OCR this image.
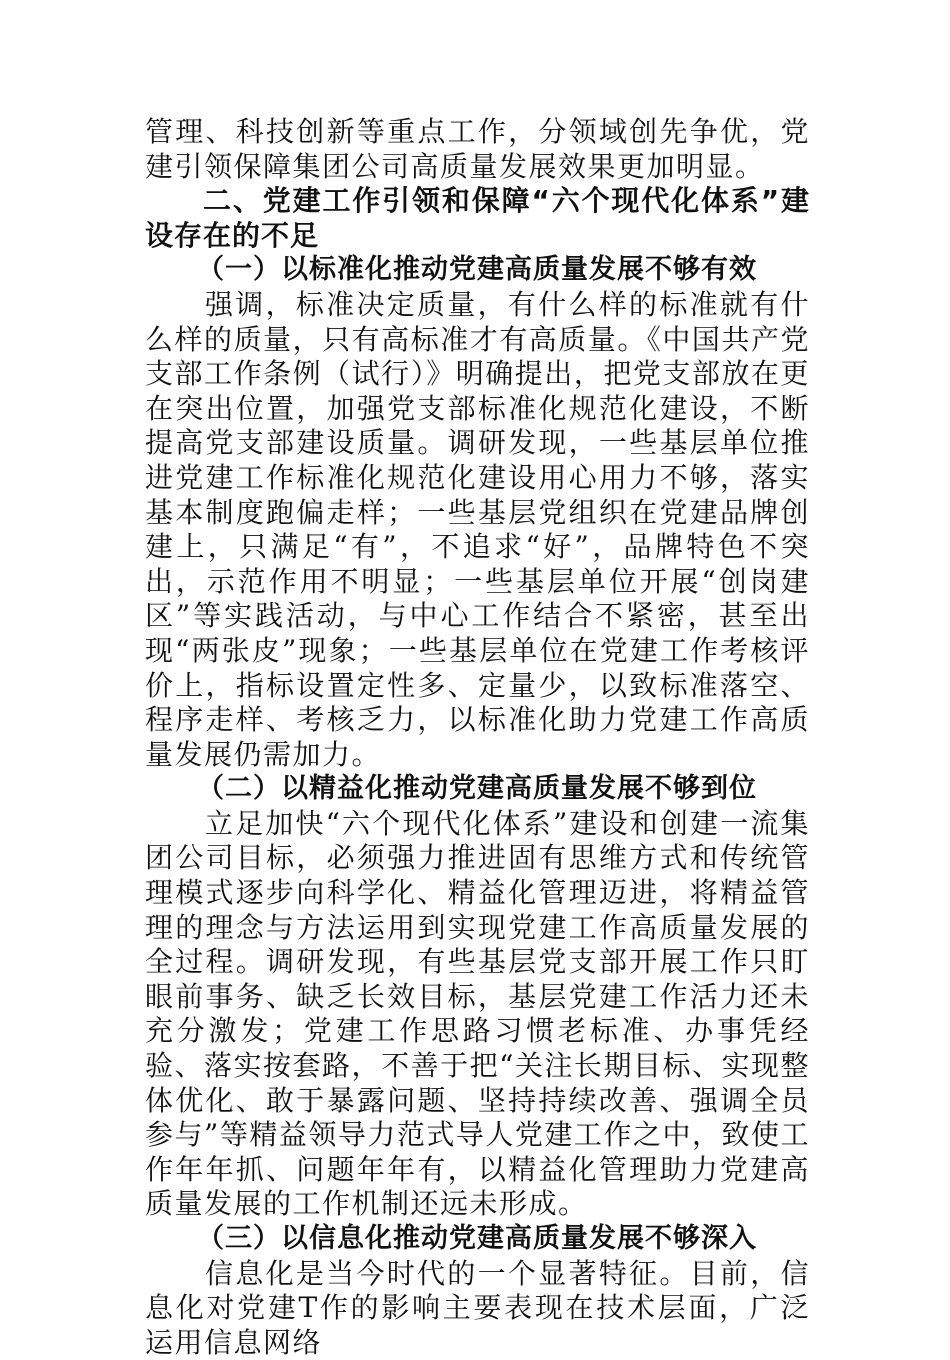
管理、科技创新等重点工作，分领域创先争优，党建引领保障集团公司高质量发展效果更加明显。

二、党建工作引领和保障“六个现代化体系”建设存在的不足

（一）以标准化推动党建高质量发展不够有效

强调，标准决定质量，有什么样的标准就有什么样的质量，只有高标准才有高质量。《中国共产党支部工作条例（试行）》明确提出，把党支部放在更在突出位置，加强党支部标准化规范化建设，不断提高党支部建设质量。调研发现，一些基层单位推进党建工作标准化规范化建设用心用力不够，落实基本制度跑偏走样；一些基层党组织在党建品牌创建上，只满足“有”，不追求“好”，品牌特色不突出，示范作用不明显；一些基层单位开展“创岗建区”等实践活动，与中心工作结合不紧密，甚至出现“两张皮”现象；一些基层单位在党建工作考核评价上，指标设置定性多、定量少，以致标准落空、程序走样、考核乏力，以标准化助力党建工作高质量发展仍需加力。

（二）以精益化推动党建高质量发展不够到位

立足加快“六个现代化体系”建设和创建一流集团公司目标，必须强力推进固有思维方式和传统管理模式逐步向科学化、精益化管理迈进，将精益管理的理念与方法运用到实现党建工作高质量发展的全过程。调研发现，有些基层党支部开展工作只盯眼前事务、缺乏长效目标，基层党建工作活力还未充分激发；党建工作思路习惯老标准、办事凭经验、落实按套路，不善于把“关注长期目标、实现整体优化、敢于暴露问题、坚持持续改善、强调全员参与”等精益领导力范式导人党建工作之中，致使工作年年抓、问题年年有，以精益化管理助力党建高质量发展的工作机制还远未形成。

（三）以信息化推动党建高质量发展不够深入

信息化是当今时代的一个显著特征。目前，信息化对党建T作的影响主要表现在技术层面，广泛运用信息网络
